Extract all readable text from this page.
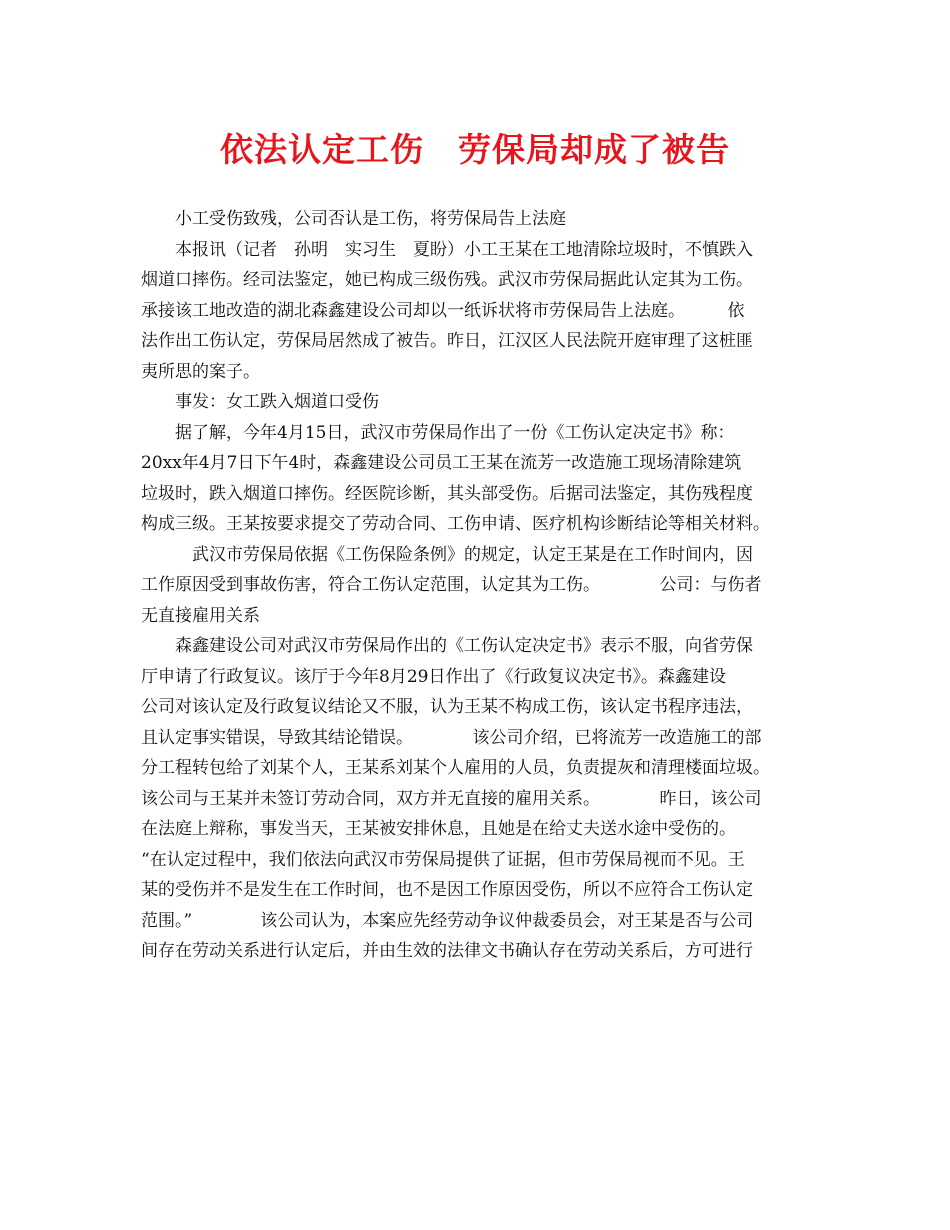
依法认定工伤　劳保局却成了被告
　　小工受伤致残，公司否认是工伤，将劳保局告上法庭
　　本报讯（记者　孙明　实习生　夏盼）小工王某在工地清除垃圾时，不慎跌入
烟道口摔伤。经司法鉴定，她已构成三级伤残。武汉市劳保局据此认定其为工伤。
承接该工地改造的湖北森鑫建设公司却以一纸诉状将市劳保局告上法庭。　　　依
法作出工伤认定，劳保局居然成了被告。昨日，江汉区人民法院开庭审理了这桩匪
夷所思的案子。
　　事发：女工跌入烟道口受伤
　　据了解，今年4月15日，武汉市劳保局作出了一份《工伤认定决定书》称：
20xx年4月7日下午4时，森鑫建设公司员工王某在流芳一改造施工现场清除建筑
垃圾时，跌入烟道口摔伤。经医院诊断，其头部受伤。后据司法鉴定，其伤残程度
构成三级。王某按要求提交了劳动合同、工伤申请、医疗机构诊断结论等相关材料。
　　　武汉市劳保局依据《工伤保险条例》的规定，认定王某是在工作时间内，因
工作原因受到事故伤害，符合工伤认定范围，认定其为工伤。　　　　公司：与伤者
无直接雇用关系
　　森鑫建设公司对武汉市劳保局作出的《工伤认定决定书》表示不服，向省劳保
厅申请了行政复议。该厅于今年8月29日作出了《行政复议决定书》。森鑫建设
公司对该认定及行政复议结论又不服，认为王某不构成工伤，该认定书程序违法，
且认定事实错误，导致其结论错误。　　　　该公司介绍，已将流芳一改造施工的部
分工程转包给了刘某个人，王某系刘某个人雇用的人员，负责提灰和清理楼面垃圾。
该公司与王某并未签订劳动合同，双方并无直接的雇用关系。　　　　昨日，该公司
在法庭上辩称，事发当天，王某被安排休息，且她是在给丈夫送水途中受伤的。
“在认定过程中，我们依法向武汉市劳保局提供了证据，但市劳保局视而不见。王
某的受伤并不是发生在工作时间，也不是因工作原因受伤，所以不应符合工伤认定
范围。”　　　　该公司认为，本案应先经劳动争议仲裁委员会，对王某是否与公司
间存在劳动关系进行认定后，并由生效的法律文书确认存在劳动关系后，方可进行
